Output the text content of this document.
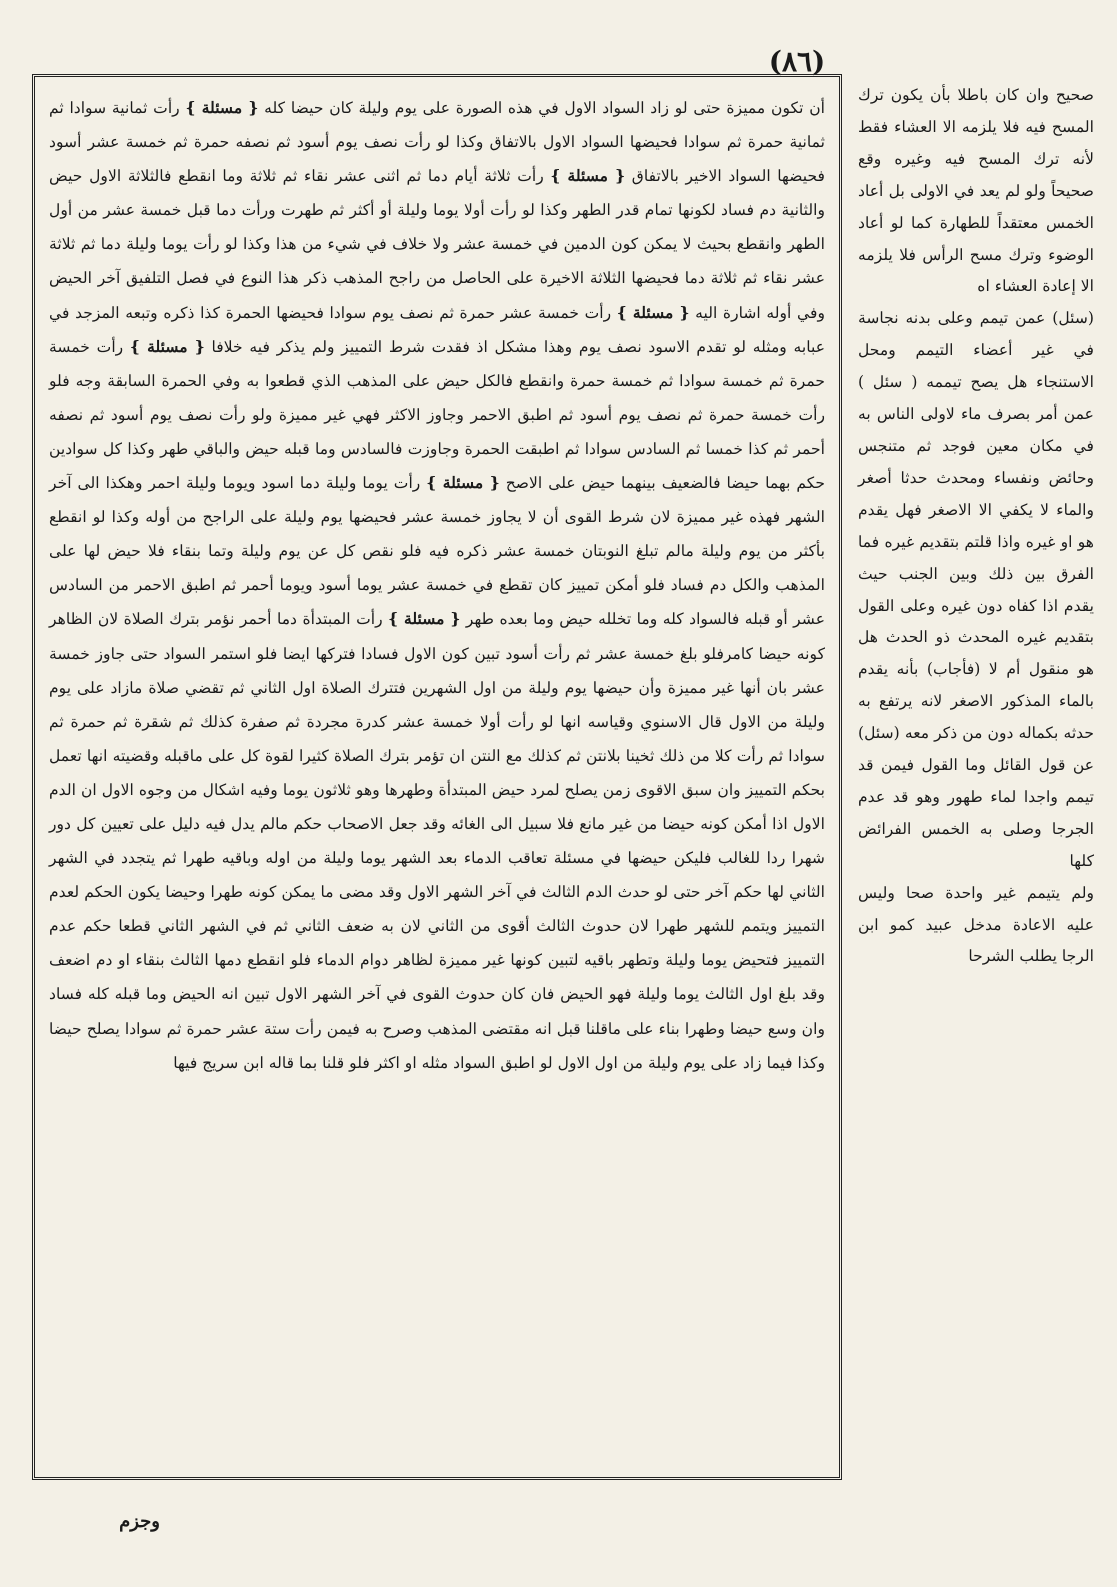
(٨٦)
أن تكون مميزة حتى لو زاد السواد الاول في هذه الصورة على يوم وليلة كان حيضا كله { مسئلة } رأت ثمانية سوادا ثم ثمانية حمرة ثم سوادا فحيضها السواد الاول بالاتفاق وكذا لو رأت نصف يوم أسود ثم نصفه حمرة ثم خمسة عشر أسود فحيضها السواد الاخير بالاتفاق { مسئلة } رأت ثلاثة أيام دما ثم اثنى عشر نقاء ثم ثلاثة وما انقطع فالثلاثة الاول حيض والثانية دم فساد لكونها تمام قدر الطهر وكذا لو رأت أولا يوما وليلة أو أكثر ثم طهرت ورأت دما قبل خمسة عشر من أول الطهر وانقطع بحيث لا يمكن كون الدمين في خمسة عشر ولا خلاف في شيء من هذا وكذا لو رأت يوما وليلة دما ثم ثلاثة عشر نقاء ثم ثلاثة دما فحيضها الثلاثة الاخيرة على الحاصل من راجح المذهب ذكر هذا النوع في فصل التلفيق آخر الحيض وفي أوله اشارة اليه { مسئلة } رأت خمسة عشر حمرة ثم نصف يوم سوادا فحيضها الحمرة كذا ذكره وتبعه المزجد في عبابه ومثله لو تقدم الاسود نصف يوم وهذا مشكل اذ فقدت شرط التمييز ولم يذكر فيه خلافا { مسئلة } رأت خمسة حمرة ثم خمسة سوادا ثم خمسة حمرة وانقطع فالكل حيض على المذهب الذي قطعوا به وفي الحمرة السابقة وجه فلو رأت خمسة حمرة ثم نصف يوم أسود ثم اطبق الاحمر وجاوز الاكثر فهي غير مميزة ولو رأت نصف يوم أسود ثم نصفه أحمر ثم كذا خمسا ثم السادس سوادا ثم اطبقت الحمرة وجاوزت فالسادس وما قبله حيض والباقي طهر وكذا كل سوادين حكم بهما حيضا فالضعيف بينهما حيض على الاصح { مسئلة } رأت يوما وليلة دما اسود ويوما وليلة احمر وهكذا الى آخر الشهر فهذه غير مميزة لان شرط القوى أن لا يجاوز خمسة عشر فحيضها يوم وليلة على الراجح من أوله وكذا لو انقطع بأكثر من يوم وليلة مالم تبلغ النوبتان خمسة عشر ذكره فيه فلو نقص كل عن يوم وليلة وتما بنقاء فلا حيض لها على المذهب والكل دم فساد فلو أمكن تمييز كان تقطع في خمسة عشر يوما أسود ويوما أحمر ثم اطبق الاحمر من السادس عشر أو قبله فالسواد كله وما تخلله حيض وما بعده طهر { مسئلة } رأت المبتدأة دما أحمر نؤمر بترك الصلاة لان الظاهر كونه حيضا كامرفلو بلغ خمسة عشر ثم رأت أسود تبين كون الاول فسادا فتركها ايضا فلو استمر السواد حتى جاوز خمسة عشر بان أنها غير مميزة وأن حيضها يوم وليلة من اول الشهرين فتترك الصلاة اول الثاني ثم تقضي صلاة مازاد على يوم وليلة من الاول قال الاسنوي وقياسه انها لو رأت أولا خمسة عشر كدرة مجردة ثم صفرة كذلك ثم شقرة ثم حمرة ثم سوادا ثم رأت كلا من ذلك ثخينا بلانتن ثم كذلك مع النتن ان تؤمر بترك الصلاة كثيرا لقوة كل على ماقبله وقضيته انها تعمل بحكم التمييز وان سبق الاقوى زمن يصلح لمرد حيض المبتدأة وطهرها وهو ثلاثون يوما وفيه اشكال من وجوه الاول ان الدم الاول اذا أمكن كونه حيضا من غير مانع فلا سبيل الى الغائه وقد جعل الاصحاب حكم مالم يدل فيه دليل على تعيين كل دور شهرا ردا للغالب فليكن حيضها في مسئلة تعاقب الدماء بعد الشهر يوما وليلة من اوله وباقيه طهرا ثم يتجدد في الشهر الثاني لها حكم آخر حتى لو حدث الدم الثالث في آخر الشهر الاول وقد مضى ما يمكن كونه طهرا وحيضا يكون الحكم لعدم التمييز ويتمم للشهر طهرا لان حدوث الثالث أقوى من الثاني لان به ضعف الثاني ثم في الشهر الثاني قطعا حكم عدم التمييز فتحيض يوما وليلة وتطهر باقيه لتبين كونها غير مميزة لظاهر دوام الدماء فلو انقطع دمها الثالث بنقاء او دم اضعف وقد بلغ اول الثالث يوما وليلة فهو الحيض فان كان حدوث القوى في آخر الشهر الاول تبين انه الحيض وما قبله كله فساد وان وسع حيضا وطهرا بناء على ماقلنا قبل انه مقتضى المذهب وصرح به فيمن رأت ستة عشر حمرة ثم سوادا يصلح حيضا وكذا فيما زاد على يوم وليلة من اول الاول لو اطبق السواد مثله او اكثر فلو قلنا بما قاله ابن سريج فيها
صحيح وان كان باطلا بأن يكون ترك المسح فيه فلا يلزمه الا العشاء فقط لأنه ترك المسح فيه وغيره وقع صحيحاً ولو لم يعد في الاولى بل أعاد الخمس معتقداً للطهارة كما لو أعاد الوضوء وترك مسح الرأس فلا يلزمه الا إعادة العشاء اه
(سئل) عمن تيمم وعلى بدنه نجاسة في غير أعضاء التيمم ومحل الاستنجاء هل يصح تيممه ( سئل ) عمن أمر بصرف ماء لاولى الناس به في مكان معين فوجد ثم متنجس وحائض ونفساء ومحدث حدثا أصغر والماء لا يكفي الا الاصغر فهل يقدم هو او غيره واذا قلتم بتقديم غيره فما الفرق بين ذلك وبين الجنب حيث يقدم اذا كفاه دون غيره وعلى القول بتقديم غيره المحدث ذو الحدث هل هو منقول أم لا (فأجاب) بأنه يقدم بالماء المذكور الاصغر لانه يرتفع به حدثه بكماله دون من ذكر معه (سئل) عن قول القائل وما القول فيمن قد تيمم واجدا لماء طهور وهو قد عدم الجرجا وصلى به الخمس الفرائض كلها
ولم يتيمم غير واحدة صحا وليس عليه الاعادة مدخل عبيد كمو ابن الرجا يطلب الشرحا
وجزم
